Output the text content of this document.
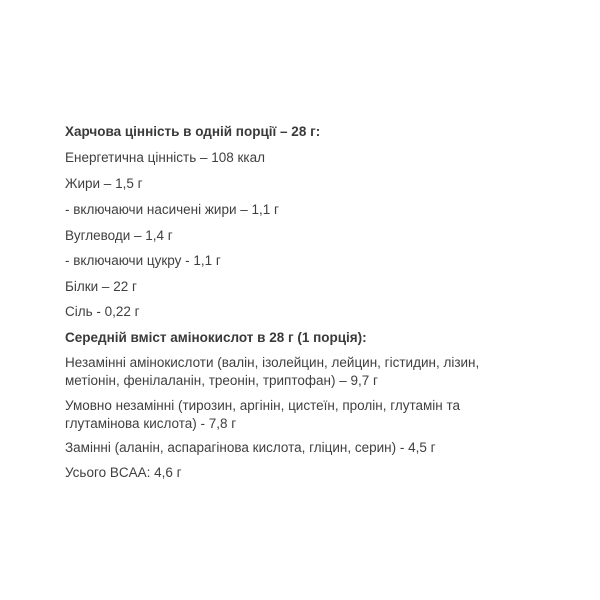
Харчова цінність в одній порції – 28 г:

Енергетична цінність – 108 ккал

Жири – 1,5 г

- включаючи насичені жири – 1,1 г

Вуглеводи – 1,4 г

- включаючи цукру - 1,1 г

Білки – 22 г

Сіль - 0,22 г

Середній вміст амінокислот в 28 г (1 порція):

Незамінні амінокислоти (валін, ізолейцин, лейцин, гістидин, лізин,

метіонін, фенілаланін, треонін, триптофан) – 9,7 г

Умовно незамінні (тирозин, аргінін, цистеїн, пролін, глутамін та

глутамінова кислота) - 7,8 г

Замінні (аланін, аспарагінова кислота, гліцин, серин) - 4,5 г

Усього BCAA: 4,6 г
